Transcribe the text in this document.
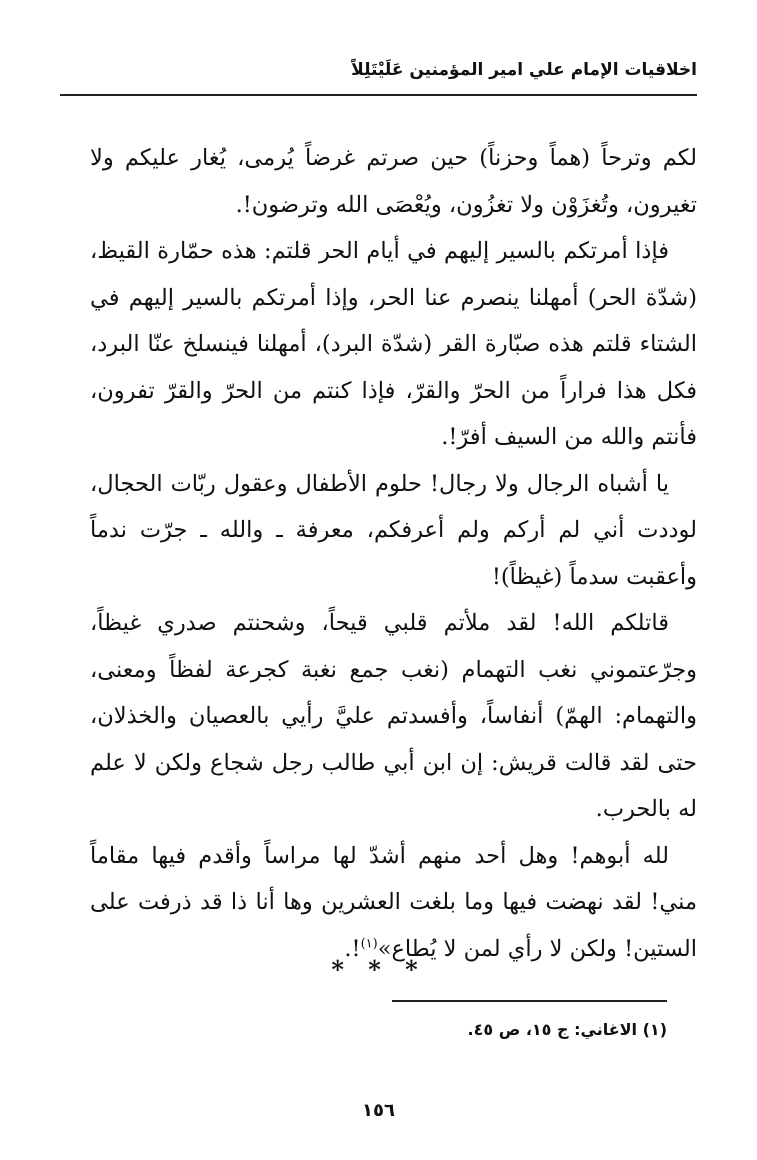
اخلاقيات الإمام علي امير المؤمنين عَلَيْتَلِلاً

لكم وترحاً (هماً وحزناً) حين صرتم غرضاً يُرمى، يُغار عليكم ولا تغيرون، وتُغزَوْن ولا تغزُون، ويُعْصَى الله وترضون!.

فإذا أمرتكم بالسير إليهم في أيام الحر قلتم: هذه حمّارة القيظ، (شدّة الحر) أمهلنا ينصرم عنا الحر، وإذا أمرتكم بالسير إليهم في الشتاء قلتم هذه صبّارة القر (شدّة البرد)، أمهلنا فينسلخ عنّا البرد، فكل هذا فراراً من الحرّ والقرّ، فإذا كنتم من الحرّ والقرّ تفرون، فأنتم والله من السيف أفرّ!.

يا أشباه الرجال ولا رجال! حلوم الأطفال وعقول ربّات الحجال، لوددت أني لم أركم ولم أعرفكم، معرفة ـ والله ـ جرّت ندماً وأعقبت سدماً (غيظاً)!

قاتلكم الله! لقد ملأتم قلبي قيحاً، وشحنتم صدري غيظاً، وجرّعتموني نغب التهمام (نغب جمع نغبة كجرعة لفظاً ومعنى، والتهمام: الهمّ) أنفاساً، وأفسدتم عليَّ رأيي بالعصيان والخذلان، حتى لقد قالت قريش: إن ابن أبي طالب رجل شجاع ولكن لا علم له بالحرب.

لله أبوهم! وهل أحد منهم أشدّ لها مراساً وأقدم فيها مقاماً مني! لقد نهضت فيها وما بلغت العشرين وها أنا ذا قد ذرفت على الستين! ولكن لا رأي لمن لا يُطاع»$^{(١)}$!.

* * *
(١) الاغاني: ج ١٥، ص ٤٥.
١٥٦
